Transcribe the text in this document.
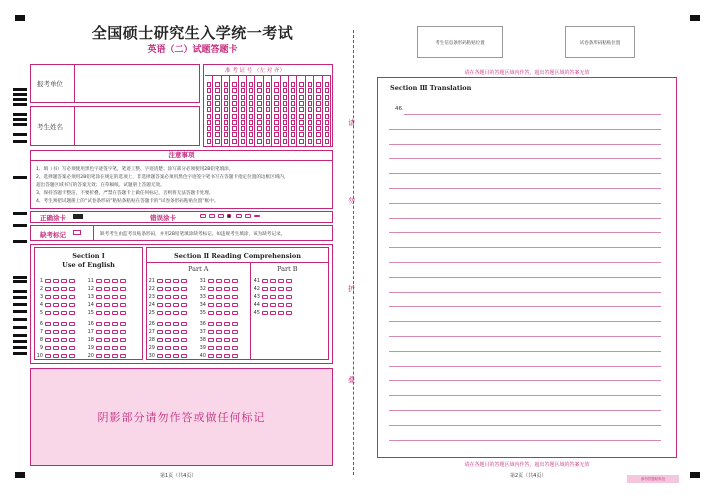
全国硕士研究生入学统一考试
英语（二）试题答题卡
报考单位
考生姓名
准 考 证 号 （左 对 齐）
注意事项
1、填（书）写必须使用黑色字迹签字笔，笔迹工整、字迹清楚；涂写部分必须使用2B铅笔填涂。
2、选择题答案必须用2B铅笔涂在规定的选项上，非选择题答案必须用黑色字迹签字笔书写在答题卡指定位置的边框区域内，
超出答题区域书写的答案无效；在草稿纸、试题册上答题无效。
3、保持答题卡整洁，不要折叠，严禁在答题卡上做任何标记，否则将无法答题卡处理。
4、考生须把试题册上的“试卷条形码”粘贴条粘贴在答题卡的“试卷条形码粘贴位置”框中。
正确涂卡	错误涂卡
缺考标记	缺考考生由监考员贴条形码，并用2B铅笔填涂缺考标记。如违规考生填涂，该为缺考记录。
Section Ⅰ
Use of English
Section Ⅱ Reading Comprehension
Part A	Part B
1
2
3
4
5
6
7
8
9
10
11
12
13
14
15
16
17
18
19
20
21
22
23
24
25
26
27
28
29
30
31
32
33
34
35
36
37
38
39
40
41
42
43
44
45
阴影部分请勿作答或做任何标记
第1页（共4页）	第2页（共4页）	请勿答题粘贴处
请
勿
折
叠
考生信息条形码粘贴位置	试卷条形码粘贴位置
请在各题目的答题区域内作答，超出答题区域的答案无效
Section Ⅲ Translation
46.
请在各题目的答题区域内作答，超出答题区域的答案无效
